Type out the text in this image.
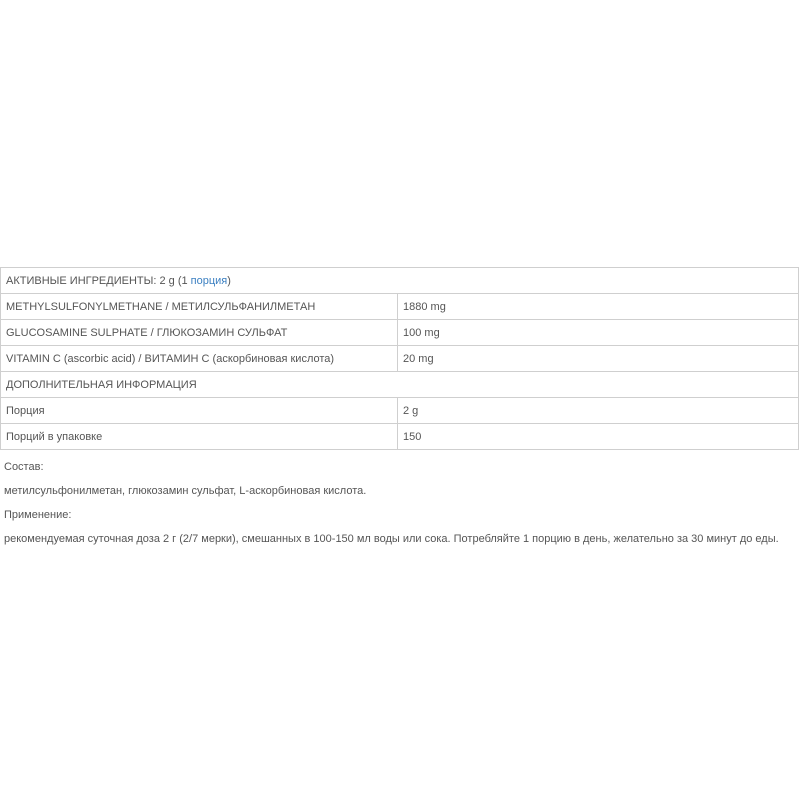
АКТИВНЫЕ ИНГРЕДИЕНТЫ: 2 g (1 порция)	
METHYLSULFONYLMETHANE / МЕТИЛСУЛЬФАНИЛМЕТАН	1880 mg
GLUCOSAMINE SULPHATE / ГЛЮКОЗАМИН СУЛЬФАТ	100 mg
VITAMIN C (ascorbic acid) / ВИТАМИН С (аскорбиновая кислота)	20 mg
ДОПОЛНИТЕЛЬНАЯ ИНФОРМАЦИЯ	
Порция	2 g
Порций в упаковке	150

Состав:

метилсульфонилметан, глюкозамин сульфат, L-аскорбиновая кислота.

Применение:

рекомендуемая суточная доза 2 г (2/7 мерки), смешанных в 100-150 мл воды или сока. Потребляйте 1 порцию в день, желательно за 30 минут до еды.
